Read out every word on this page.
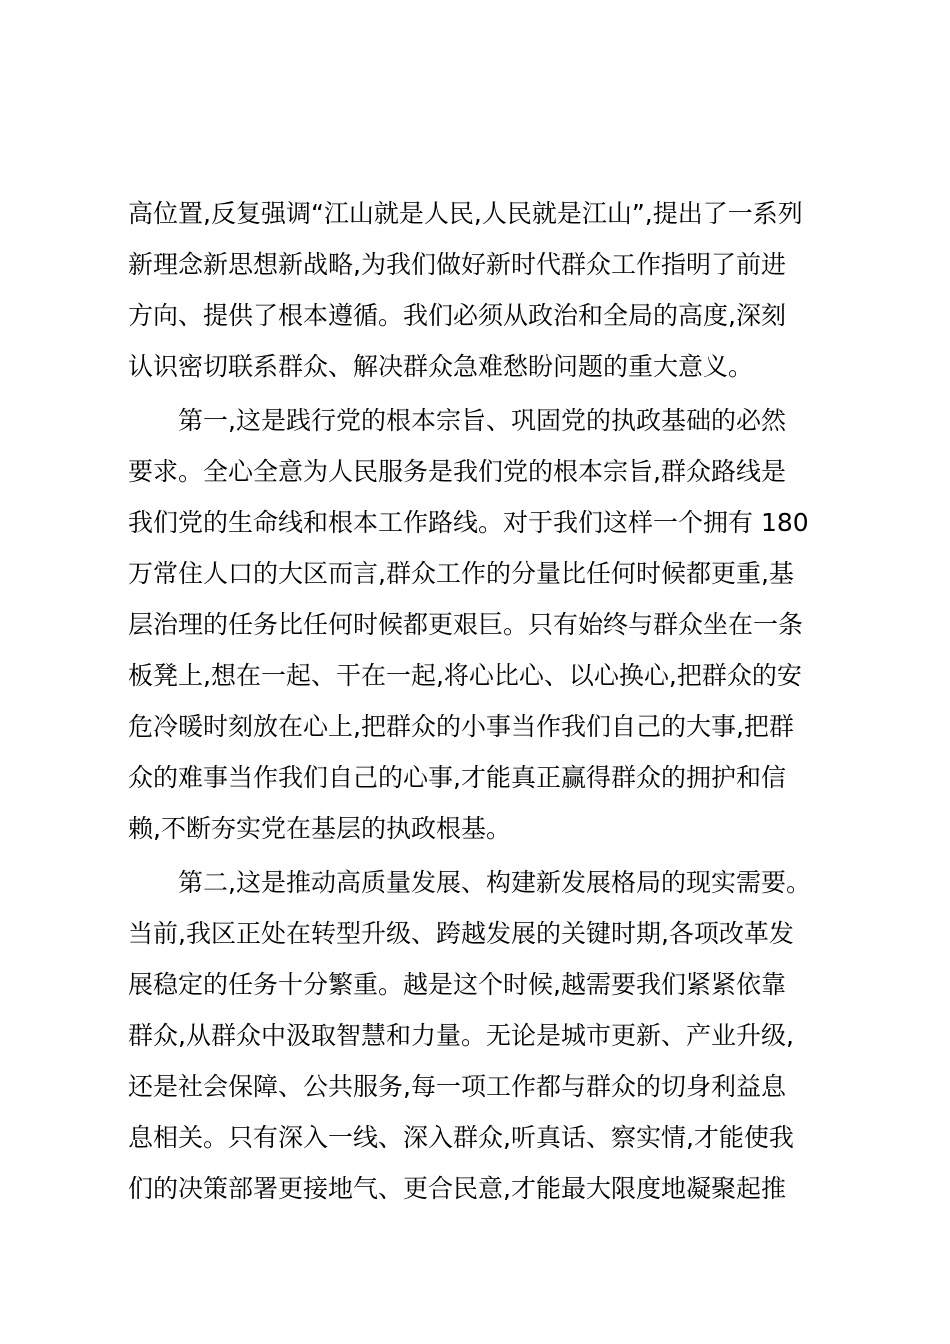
高位置,反复强调“江山就是人民,人民就是江山”,提出了一系列
新理念新思想新战略,为我们做好新时代群众工作指明了前进
方向、提供了根本遵循。我们必须从政治和全局的高度,深刻
认识密切联系群众、解决群众急难愁盼问题的重大意义。
　　第一,这是践行党的根本宗旨、巩固党的执政基础的必然
要求。全心全意为人民服务是我们党的根本宗旨,群众路线是
我们党的生命线和根本工作路线。对于我们这样一个拥有 180
万常住人口的大区而言,群众工作的分量比任何时候都更重,基
层治理的任务比任何时候都更艰巨。只有始终与群众坐在一条
板凳上,想在一起、干在一起,将心比心、以心换心,把群众的安
危冷暖时刻放在心上,把群众的小事当作我们自己的大事,把群
众的难事当作我们自己的心事,才能真正赢得群众的拥护和信
赖,不断夯实党在基层的执政根基。
　　第二,这是推动高质量发展、构建新发展格局的现实需要。
当前,我区正处在转型升级、跨越发展的关键时期,各项改革发
展稳定的任务十分繁重。越是这个时候,越需要我们紧紧依靠
群众,从群众中汲取智慧和力量。无论是城市更新、产业升级,
还是社会保障、公共服务,每一项工作都与群众的切身利益息
息相关。只有深入一线、深入群众,听真话、察实情,才能使我
们的决策部署更接地气、更合民意,才能最大限度地凝聚起推
